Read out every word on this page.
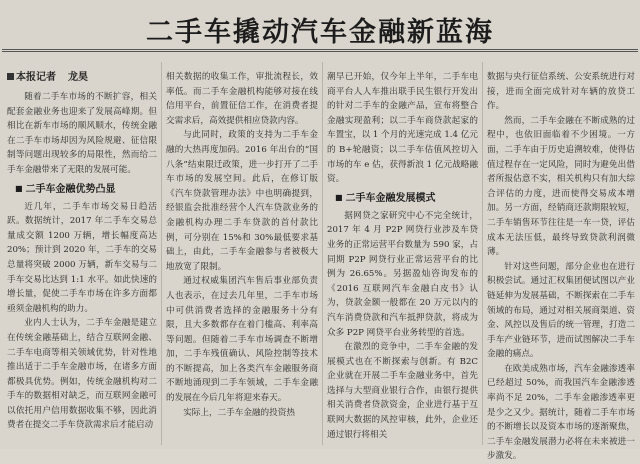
二手车撬动汽车金融新蓝海
本报记者 龙昊

随着二手车市场的不断扩容，相关配套金融业务也迎来了发展高峰期。但相比在新车市场的顺风顺水，传统金融在二手车市场却因为风险规避、征信限制等问题出现较多的局限性，然而给二手车金融带来了无限的发展可能。

■ 二手车金融优势凸显

近几年，二手车市场交易日趋活跃。数据统计，2017 年二手车交易总量成交额 1200 万辆，增长幅度高达 20%；预计到 2020 年，二手车的交易总量将突破 2000 万辆，新车交易与二手车交易比达到 1:1 水平。如此快速的增长量，促使二手车市场在许多方面都亟须金融机构的助力。

业内人士认为，二手车金融是建立在传统金融基础上，结合互联网金融、二手车电商等相关领域优势，针对性地推出适于二手车金融市场，在诸多方面都极具优势。例如，传统金融机构对二手车的数据相对缺乏，而互联网金融可以依托用户信用数据收集不够，因此消费者在提交二手车贷款需求后才能启动

相关数据的收集工作，审批流程长，效率低。而二手车金融机构能够对接在线信用平台，前置征信工作，在消费者提交需求后，高效提供相应贷款内容。

与此同时，政策的支持为二手车金融的大热再度加码。2016 年出台的“国八条”结束限迁政策，进一步打开了二手车市场的发展空间。此后，在修订版《汽车贷款管理办法》中也明确提到，经银监会批准经营个人汽车贷款业务的金融机构办理二手车贷款的首付款比例，可分别在 15%和 30%最低要求基础上，由此，二手车金融参与者被极大地放宽了限制。

通过权威集团汽车售后事业部负责人也表示，在过去几年里，二手车市场中可供消费者选择的金融服务十分有限，且大多数都存在着门槛高、利率高等问题。但随着二手车市场调查不断增加，二手车残值确认、风险控制等技术的不断提高，加上各类汽车金融服务商不断地涌现到二手车领域，二手车金融的发展在今后几年将迎来春天。

实际上，二手车金融的投资热

潮早已开始，仅今年上半年，二手车电商平台人人车推出联手民生银行开发出的针对二手车的金融产品，宣布将整合金融实现盈利；以二手车商贷款起家的车置宝，以 1 个月的光速完成 1.4 亿元的 B+轮融资；以二手车估值风控切入市场的车 e 估，获得新浪 1 亿元战略融资。

■ 二手车金融发展模式

据网贷之家研究中心不完全统计，2017 年 4 月 P2P 网贷行业涉及车贷业务的正常运营平台数量为 590 家，占同期 P2P 网贷行业正常运营平台的比例为 26.65%。另据盈灿咨询发布的《2016 互联网汽车金融白皮书》认为，贷款金额一般都在 20 万元以内的汽车消费贷款和汽车抵押贷款，将成为众多 P2P 网贷平台业务转型的首选。

在激烈的竞争中，二手车金融的发展模式也在不断探索与创新。有 B2C 企业就在开展二手车金融业务中，首先选择与大型商业银行合作，由银行提供相关消费者贷款资金，企业进行基于互联网大数据的风控审核，此外，企业还通过银行将相关

数据与央行征信系统、公安系统进行对接，进而全面完成针对车辆的放贷工作。

然而，二手车金融在不断成熟的过程中，也依旧面临着不少困境。一方面，二手车由于历史追溯较难，使得估值过程存在一定风险，同时为避免出借者所报估意不实，相关机构只有加大综合评估的力度，进而使得交易成本增加。另一方面，经销商还款期限较短，二手车销售环节往往是一车一贷，评估成本无法压低，最终导致贷款利润微薄。

针对这些问题，部分企业也在进行积极尝试。通过汇权集团便试图以产业链延伸为发展基础，不断探索在二手车领域的布局，通过对相关展商渠道、资金、风控以及售后的统一管理，打造二手车产业链环节，进而试图解决二手车金融的痛点。

在欧美成熟市场，汽车金融渗透率已经超过 50%，而我国汽车金融渗透率尚不足 20%，二手车金融渗透率更是少之又少。据统计，随着二手车市场的不断增长以及资本市场的逐渐聚焦，二手车金融发展潜力必将在未来被进一步激发。
